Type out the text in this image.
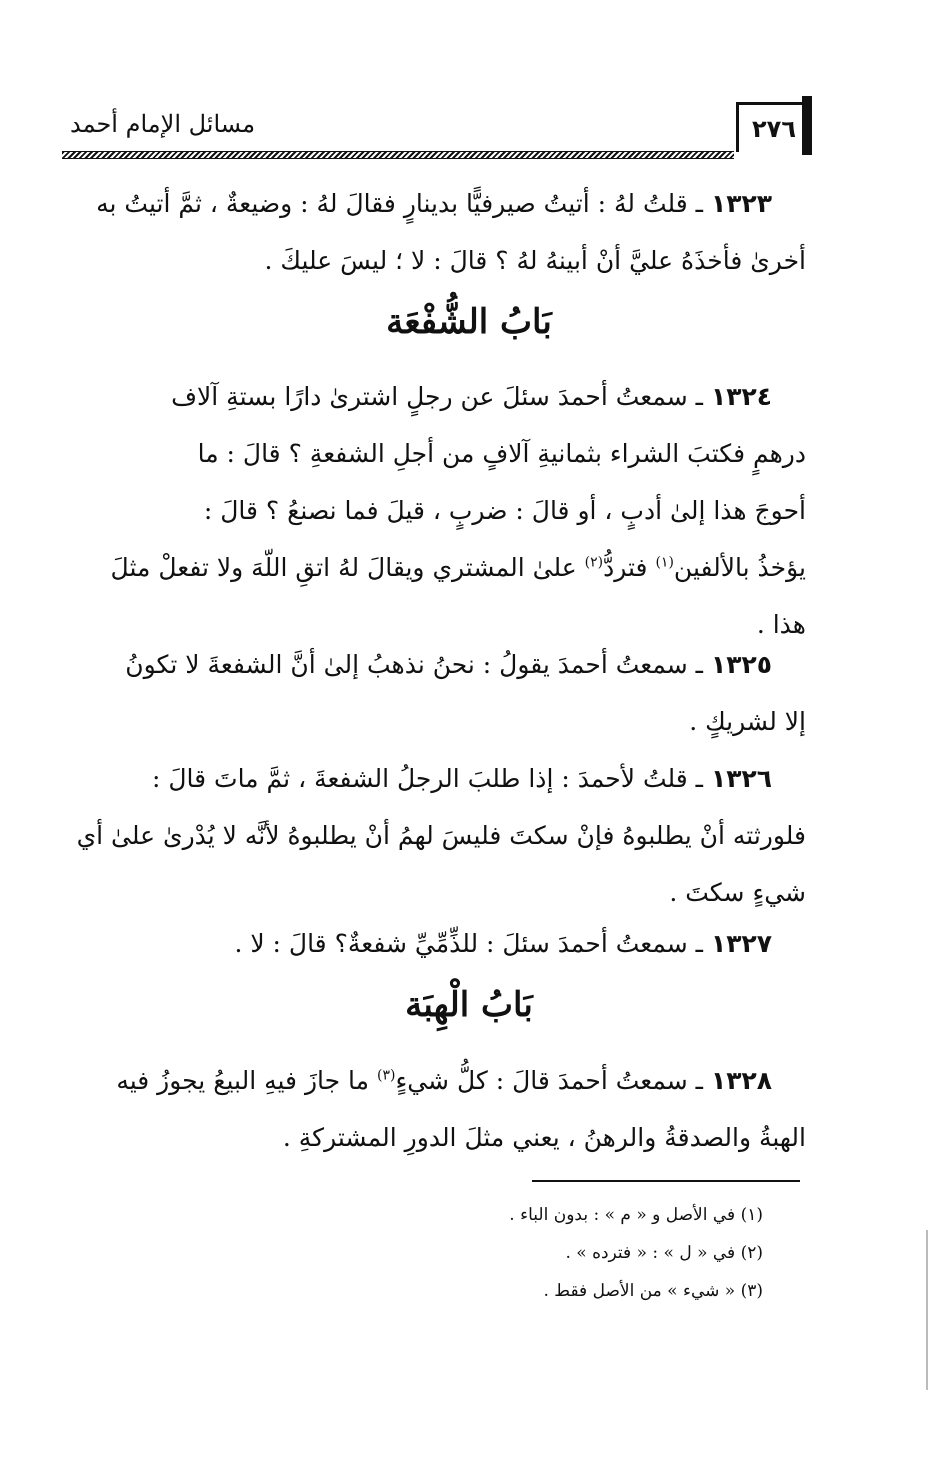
٢٧٦
مسائل الإمام أحمد
١٣٢٣ ـ قلتُ لهُ : أتيتُ صيرفيًّا بدينارٍ فقالَ لهُ : وضيعةٌ ، ثمَّ أتيتُ به
أخرىٰ فأخذَهُ عليَّ أنْ أبينهُ لهُ ؟ قالَ : لا ؛ ليسَ عليكَ .
بَابُ الشُّفْعَة
١٣٢٤ ـ سمعتُ أحمدَ سئلَ عن رجلٍ اشترىٰ دارًا بستةِ آلاف
درهمٍ فكتبَ الشراء بثمانيةِ آلافٍ من أجلِ الشفعةِ ؟ قالَ : ما
أحوجَ هذا إلىٰ أدبٍ ، أو قالَ : ضربٍ ، قيلَ فما نصنعُ ؟ قالَ :
يؤخذُ بالألفين$^{(١)}$ فتردُّ$^{(٢)}$ علىٰ المشتري ويقالَ لهُ اتقِ اللّهَ ولا تفعلْ مثلَ
هذا .
١٣٢٥ ـ سمعتُ أحمدَ يقولُ : نحنُ نذهبُ إلىٰ أنَّ الشفعةَ لا تكونُ
إلا لشريكٍ .
١٣٢٦ ـ قلتُ لأحمدَ : إذا طلبَ الرجلُ الشفعةَ ، ثمَّ ماتَ قالَ :
فلورثته أنْ يطلبوهُ فإنْ سكتَ فليسَ لهمُ أنْ يطلبوهُ لأنَّه لا يُدْرىٰ علىٰ أي
شيءٍ سكتَ .
١٣٢٧ ـ سمعتُ أحمدَ سئلَ : للذِّمِّيِّ شفعةٌ؟ قالَ : لا .
بَابُ الْهِبَة
١٣٢٨ ـ سمعتُ أحمدَ قالَ : كلُّ شيءٍ$^{(٣)}$ ما جازَ فيهِ البيعُ يجوزُ فيه
الهبةُ والصدقةُ والرهنُ ، يعني مثلَ الدورِ المشتركةِ .
(١) في الأصل و « م » : بدون الباء .
(٢) في « ل » : « فترده » .
(٣) « شيء » من الأصل فقط .
